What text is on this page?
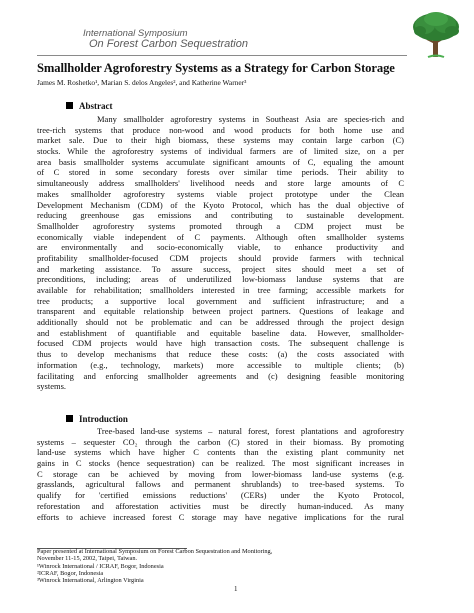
International Symposium
On Forest Carbon Sequestration
Smallholder Agroforestry Systems as a Strategy for Carbon Storage
James M. Roshetko¹, Marian S. delos Angeles², and Katherine Warner³
Abstract
Many smallholder agroforestry systems in Southeast Asia are species-rich and
tree-rich systems that produce non-wood and wood products for both home use and
market sale. Due to their high biomass, these systems may contain large carbon (C)
stocks. While the agroforestry systems of individual farmers are of limited size, on a per
area basis smallholder systems accumulate significant amounts of C, equaling the amount
of C stored in some secondary forests over similar time periods. Their ability to
simultaneously address smallholders' livelihood needs and store large amounts of C
makes smallholder agroforestry systems viable project prototype under the Clean
Development Mechanism (CDM) of the Kyoto Protocol, which has the dual objective of
reducing greenhouse gas emissions and contributing to sustainable development.
Smallholder agroforestry systems promoted through a CDM project must be
economically viable independent of C payments. Although often smallholder systems
are environmentally and socio-economically viable, to enhance productivity and
profitability smallholder-focused CDM projects should provide farmers with technical
and marketing assistance. To assure success, project sites should meet a set of
preconditions, including; areas of underutilized low-biomass landuse systems that are
available for rehabilitation; smallholders interested in tree farming; accessible markets for
tree products; a supportive local government and sufficient infrastructure; and a
transparent and equitable relationship between project partners. Questions of leakage and
additionally should not be problematic and can be addressed through the project design
and establishment of quantifiable and equitable baseline data. However, smallholder-
focused CDM projects would have high transaction costs. The subsequent challenge is
thus to develop mechanisms that reduce these costs: (a) the costs associated with
information (e.g., technology, markets) more accessible to multiple clients; (b)
facilitating and enforcing smallholder agreements and (c) designing feasible monitoring
systems.
Introduction
Tree-based land-use systems – natural forest, forest plantations and agroforestry
systems – sequester CO₂ through the carbon (C) stored in their biomass. By promoting
land-use systems which have higher C contents than the existing plant community net
gains in C stocks (hence sequestration) can be realized. The most significant increases in
C storage can be achieved by moving from lower-biomass land-use systems (e.g.
grasslands, agricultural fallows and permanent shrublands) to tree-based systems. To
qualify for 'certified emissions reductions' (CERs) under the Kyoto Protocol,
reforestation and afforestation activities must be directly human-induced. As many
efforts to achieve increased forest C storage may have negative implications for the rural
Paper presented at International Symposium on Forest Carbon Sequestration and Monitoring,
November 11-15, 2002, Taipei, Taiwan.
¹Winrock International / ICRAF, Bogor, Indonesia
²ICRAF, Bogor, Indonesia
³Winrock International, Arlington Virginia
1
